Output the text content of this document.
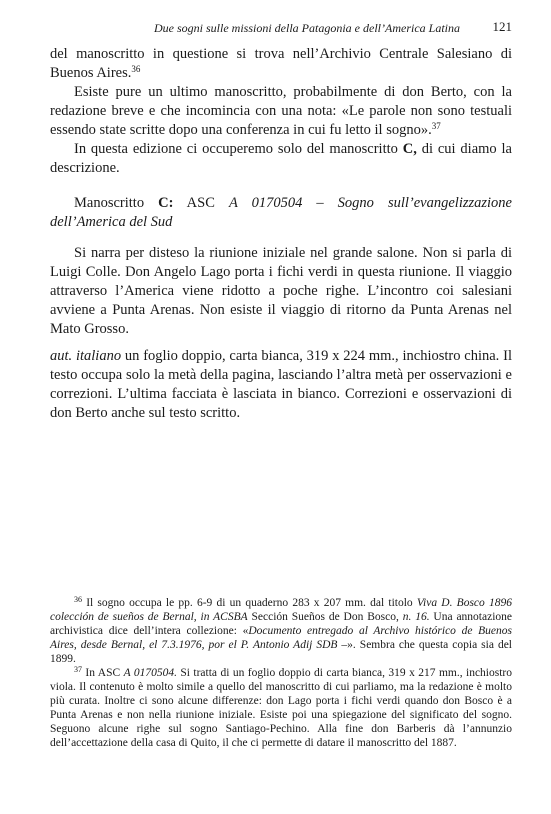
Due sogni sulle missioni della Patagonia e dell’America Latina	121

del manoscritto in questione si trova nell’Archivio Centrale Salesiano di Buenos Aires.$^{36}$

Esiste pure un ultimo manoscritto, probabilmente di don Berto, con la redazione breve e che incomincia con una nota: «Le parole non sono testuali essendo state scritte dopo una conferenza in cui fu letto il sogno».$^{37}$

In questa edizione ci occuperemo solo del manoscritto C, di cui diamo la descrizione.

Manoscritto C: ASC A 0170504 – Sogno sull’evangelizzazione dell’America del Sud

Si narra per disteso la riunione iniziale nel grande salone. Non si parla di Luigi Colle. Don Angelo Lago porta i fichi verdi in questa riunione. Il viaggio attraverso l’America viene ridotto a poche righe. L’incontro coi salesiani avviene a Punta Arenas. Non esiste il viaggio di ritorno da Punta Arenas nel Mato Grosso.

aut. italiano un foglio doppio, carta bianca, 319 x 224 mm., inchiostro china. Il testo occupa solo la metà della pagina, lasciando l’altra metà per osservazioni e correzioni. L’ultima facciata è lasciata in bianco. Correzioni e osservazioni di don Berto anche sul testo scritto.

$^{36}$ Il sogno occupa le pp. 6-9 di un quaderno 283 x 207 mm. dal titolo Viva D. Bosco 1896 colección de sueños de Bernal, in ACSBA Sección Sueños de Don Bosco, n. 16. Una annotazione archivistica dice dell’intera collezione: «Documento entregado al Archivo histórico de Buenos Aires, desde Bernal, el 7.3.1976, por el P. Antonio Adij SDB –». Sembra che questa copia sia del 1899.

$^{37}$ In ASC A 0170504. Si tratta di un foglio doppio di carta bianca, 319 x 217 mm., inchiostro viola. Il contenuto è molto simile a quello del manoscritto di cui parliamo, ma la redazione è molto più curata. Inoltre ci sono alcune differenze: don Lago porta i fichi verdi quando don Bosco è a Punta Arenas e non nella riunione iniziale. Esiste poi una spiegazione del significato del sogno. Seguono alcune righe sul sogno Santiago-Pechino. Alla fine don Barberis dà l’annunzio dell’accettazione della casa di Quito, il che ci permette di datare il manoscritto del 1887.
